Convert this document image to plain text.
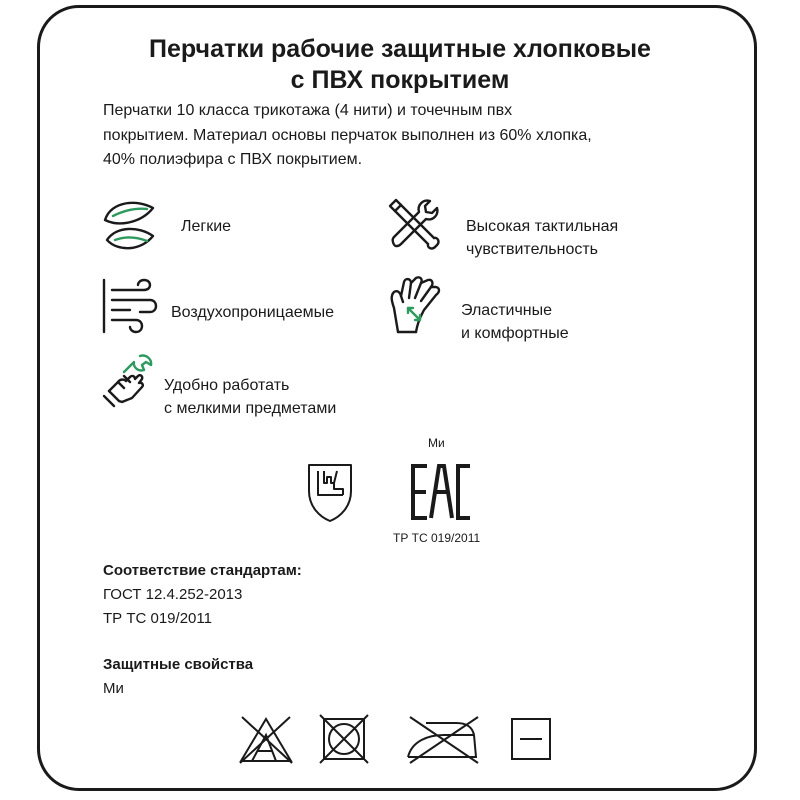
Перчатки рабочие защитные хлопковые
с ПВХ покрытием
Перчатки 10 класса трикотажа (4 нити) и точечным пвх
покрытием. Материал основы перчаток выполнен из 60% хлопка,
40% полиэфира с ПВХ покрытием.
Легкие	Высокая тактильная
чувствительность
Воздухопроницаемые	Эластичные
и комфортные
Удобно работать
с мелкими предметами
Ми
ТР ТС 019/2011
Соответствие стандартам:
ГОСТ 12.4.252-2013
ТР ТС 019/2011
Защитные свойства
Ми
